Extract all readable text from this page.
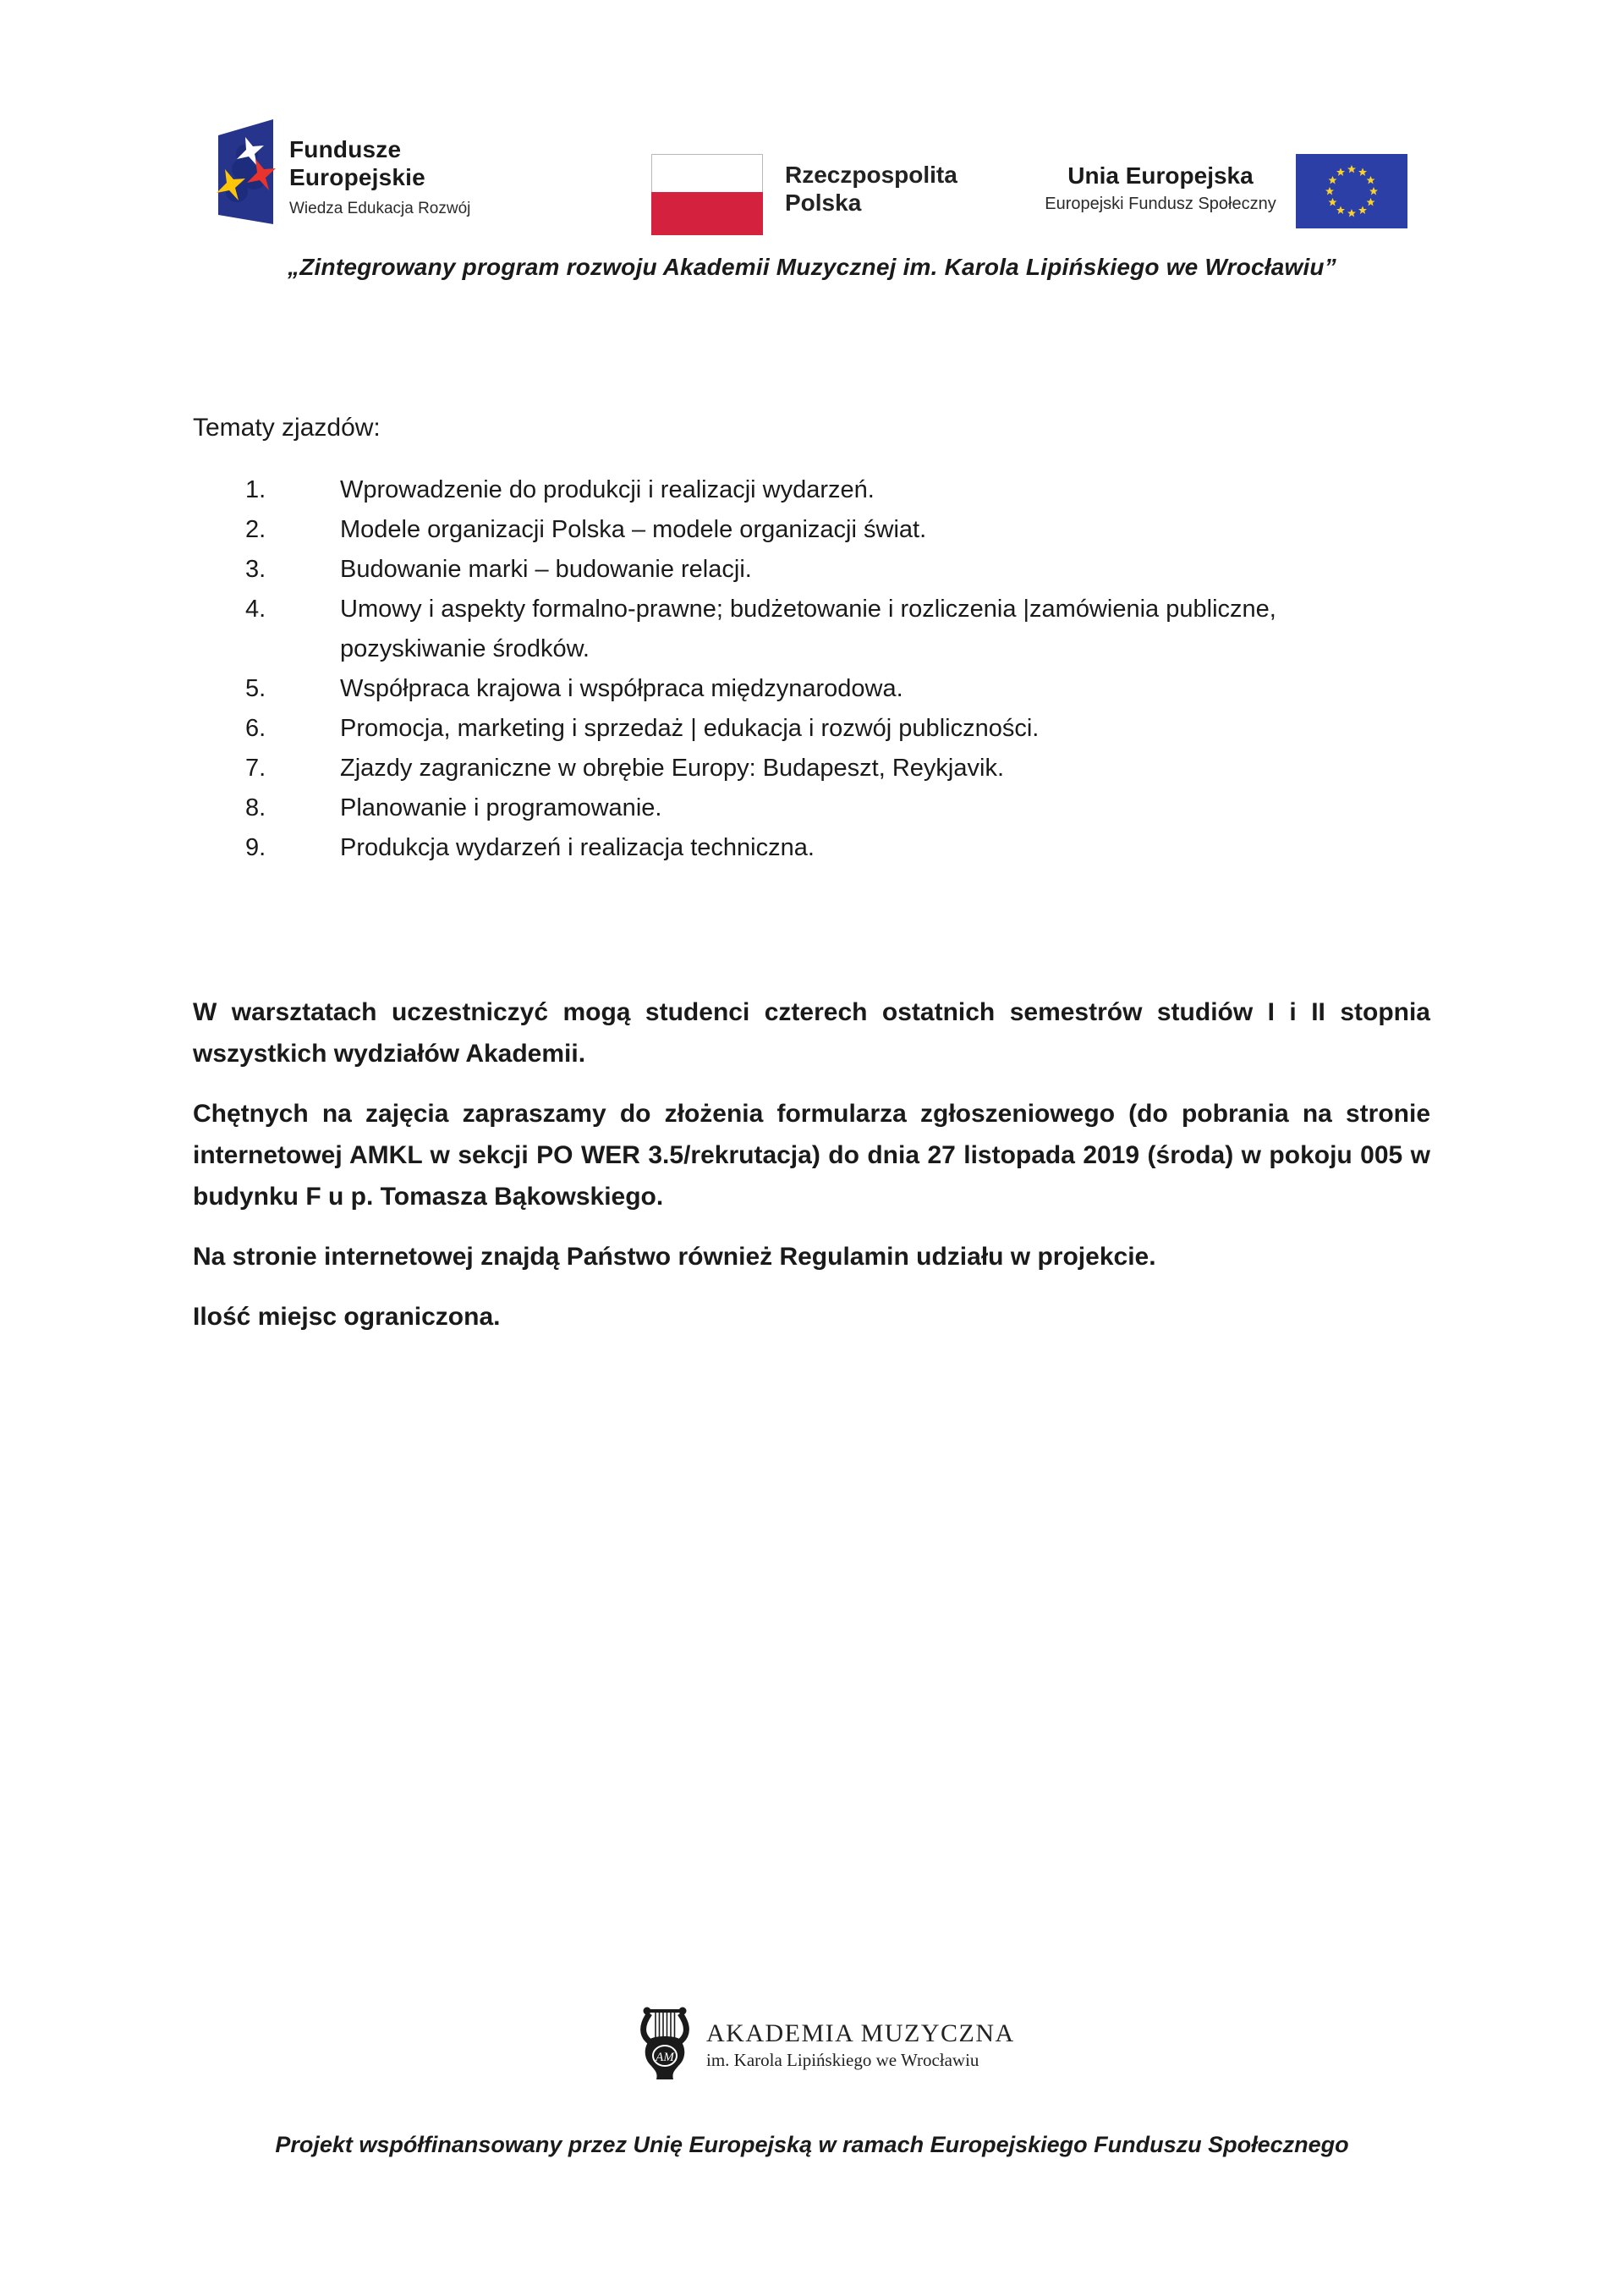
Fundusze
Europejskie
Wiedza Edukacja Rozwój
Rzeczpospolita
Polska
Unia Europejska
Europejski Fundusz Społeczny
„Zintegrowany program rozwoju Akademii Muzycznej im. Karola Lipińskiego we Wrocławiu”
Tematy zjazdów:
1.	Wprowadzenie do produkcji i realizacji wydarzeń.
2.	Modele organizacji Polska – modele organizacji świat.
3.	Budowanie marki – budowanie relacji.
4.	Umowy i aspekty formalno-prawne; budżetowanie i rozliczenia |zamówienia publiczne, pozyskiwanie środków.
5.	Współpraca krajowa i współpraca międzynarodowa.
6.	Promocja, marketing i sprzedaż | edukacja i rozwój publiczności.
7.	Zjazdy zagraniczne w obrębie Europy: Budapeszt, Reykjavik.
8.	Planowanie i programowanie.
9.	Produkcja wydarzeń i realizacja techniczna.

W warsztatach uczestniczyć mogą studenci czterech ostatnich semestrów studiów I i II stopnia wszystkich wydziałów Akademii.

Chętnych na zajęcia zapraszamy do złożenia formularza zgłoszeniowego (do pobrania na stronie internetowej AMKL w sekcji PO WER 3.5/rekrutacja) do dnia 27 listopada 2019 (środa) w pokoju 005 w budynku F u p. Tomasza Bąkowskiego.

Na stronie internetowej znajdą Państwo również Regulamin udziału w projekcie.

Ilość miejsc ograniczona.

AM
AKADEMIA MUZYCZNA
im. Karola Lipińskiego we Wrocławiu
Projekt współfinansowany przez Unię Europejską w ramach Europejskiego Funduszu Społecznego
